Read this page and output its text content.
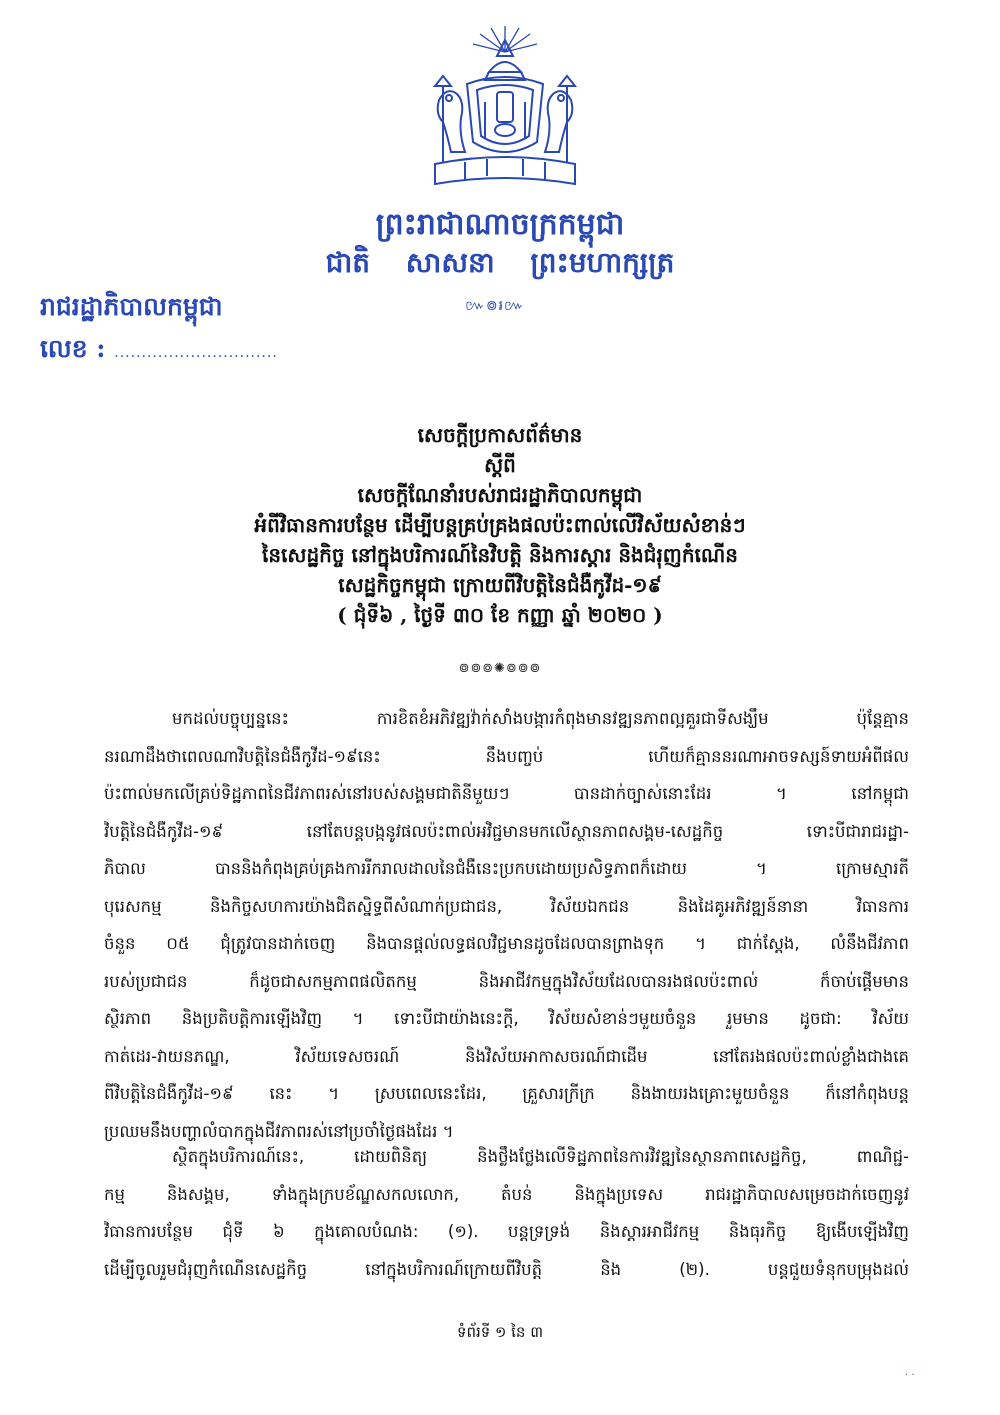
ព្រះរាជាណាចក្រកម្ពុជា
ជាតិ សាសនា ព្រះមហាក្សត្រ
៚៙៛៚
រាជរដ្ឋាភិបាលកម្ពុជា
លេខ : ..............................
សេចក្តីប្រកាសព័ត៌មាន
ស្តីពី
សេចក្តីណែនាំរបស់រាជរដ្ឋាភិបាលកម្ពុជា
អំពីវិធានការបន្ថែម ដើម្បីបន្តគ្រប់គ្រងផលប៉ះពាល់លើវិស័យសំខាន់ៗ
នៃសេដ្ឋកិច្ច នៅក្នុងបរិការណ៍នៃវិបត្តិ និងការស្តារ និងជំរុញកំណើន
សេដ្ឋកិច្ចកម្ពុជា ក្រោយពីវិបត្តិនៃជំងឺកូវីដ-១៩
( ជុំទី៦ , ថ្ងៃទី ៣០ ខែ កញ្ញា ឆ្នាំ ២០២០ )
៙៙៙✺៙៙៙
មកដល់បច្ចុប្បន្ននេះ ការខិតខំអភិវឌ្ឍវ៉ាក់សាំងបង្ការកំពុងមានវឌ្ឍនភាពល្អគួរជាទីសង្ឃឹម ប៉ុន្តែគ្មាន
នរណាដឹងថាពេលណាវិបត្តិនៃជំងឺកូវីដ-១៩នេះ នឹងបញ្ចប់ ហើយក៏គ្មាននរណាអាចទស្សន៍ទាយអំពីផល
ប៉ះពាល់មកលើគ្រប់ទិដ្ឋភាពនៃជីវភាពរស់នៅរបស់សង្គមជាតិនីមួយៗ បានដាក់ច្បាស់នោះដែរ ។ នៅកម្ពុជា
វិបត្តិនៃជំងឺកូវីដ-១៩ នៅតែបន្តបង្កនូវផលប៉ះពាល់អវិជ្ជមានមកលើស្ថានភាពសង្គម-សេដ្ឋកិច្ច ទោះបីជារាជរដ្ឋា-
ភិបាល បាននិងកំពុងគ្រប់គ្រងការរីករាលដាលនៃជំងឺនេះប្រកបដោយប្រសិទ្ធភាពក៏ដោយ ។ ក្រោមស្មារតី
បុរេសកម្ម និងកិច្ចសហការយ៉ាងជិតស្និទ្ធពីសំណាក់ប្រជាជន, វិស័យឯកជន និងដៃគូអភិវឌ្ឍន៍នានា វិធានការ
ចំនួន ០៥ ជុំត្រូវបានដាក់ចេញ និងបានផ្តល់លទ្ធផលវិជ្ជមានដូចដែលបានព្រាងទុក ។ ជាក់ស្តែង, លំនឹងជីវភាព
របស់ប្រជាជន ក៏ដូចជាសកម្មភាពផលិតកម្ម និងអាជីវកម្មក្នុងវិស័យដែលបានរងផលប៉ះពាល់ ក៏ចាប់ផ្តើមមាន
ស្ថិរភាព និងប្រតិបត្តិការឡើងវិញ ។ ទោះបីជាយ៉ាងនេះក្តី, វិស័យសំខាន់ៗមួយចំនួន រួមមាន ដូចជា: វិស័យ
កាត់ដេរ-វាយនភណ្ឌ, វិស័យទេសចរណ៍ និងវិស័យអាកាសចរណ៍ជាដើម នៅតែរងផលប៉ះពាល់ខ្លាំងជាងគេ
ពីវិបត្តិនៃជំងឺកូវីដ-១៩ នេះ ។ ស្របពេលនេះដែរ, គ្រួសារក្រីក្រ និងងាយរងគ្រោះមួយចំនួន ក៏នៅកំពុងបន្ត
ប្រឈមនឹងបញ្ហាលំបាកក្នុងជីវភាពរស់នៅប្រចាំថ្ងៃផងដែរ ។
ស្ថិតក្នុងបរិការណ៍នេះ, ដោយពិនិត្យ និងថ្លឹងថ្លែងលើទិដ្ឋភាពនៃការវិវឌ្ឍនៃស្ថានភាពសេដ្ឋកិច្ច, ពាណិជ្ជ-
កម្ម និងសង្គម, ទាំងក្នុងក្របខ័ណ្ឌសកលលោក, តំបន់ និងក្នុងប្រទេស រាជរដ្ឋាភិបាលសម្រេចដាក់ចេញនូវ
វិធានការបន្ថែម ជុំទី ៦ ក្នុងគោលបំណង: (១). បន្តទ្រទ្រង់ និងស្តារអាជីវកម្ម និងធុរកិច្ច ឱ្យងើបឡើងវិញ
ដើម្បីចូលរួមជំរុញកំណើនសេដ្ឋកិច្ច នៅក្នុងបរិការណ៍ក្រោយពីវិបត្តិ និង (២). បន្តជួយទំនុកបម្រុងដល់
ទំព័រទី ១ នៃ ៣
· ·
